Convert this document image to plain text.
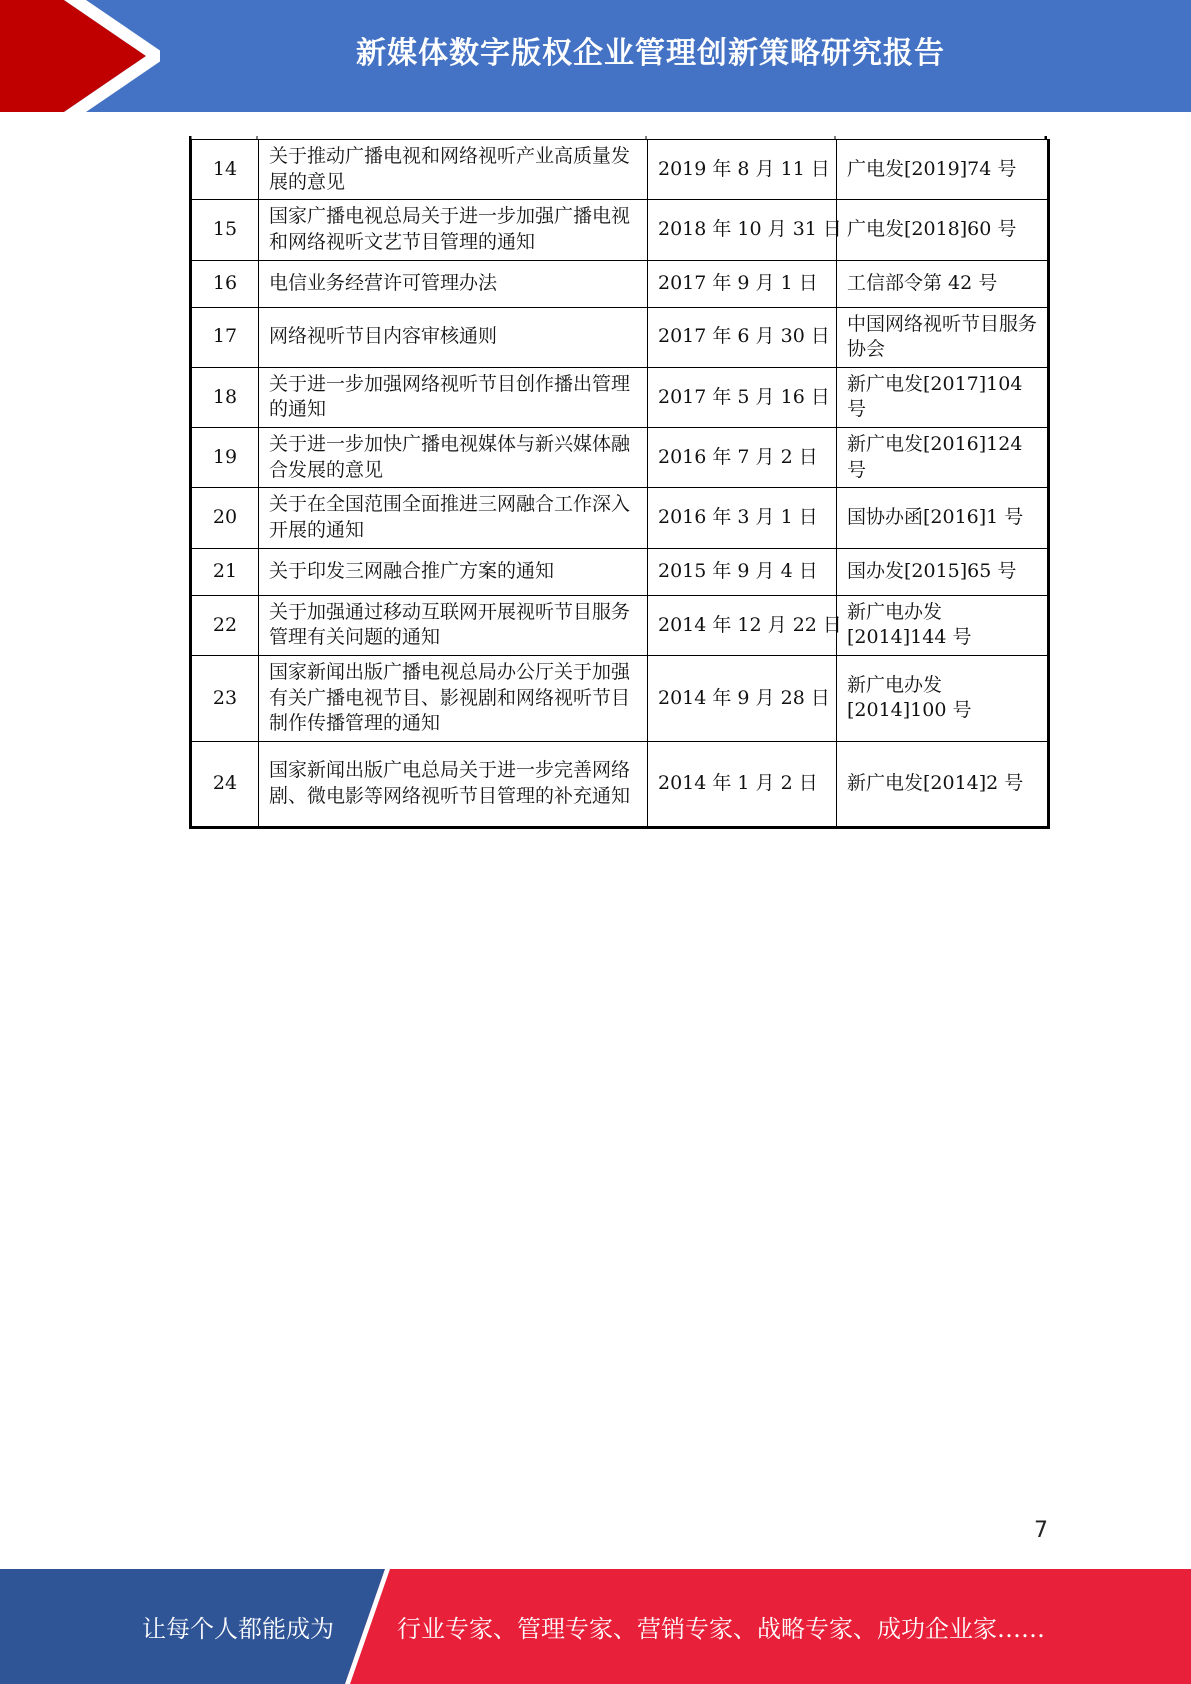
新媒体数字版权企业管理创新策略研究报告
14	关于推动广播电视和网络视听产业高质量发展的意见	2019 年 8 月 11 日	广电发[2019]74 号
15	国家广播电视总局关于进一步加强广播电视和网络视听文艺节目管理的通知	2018 年 10 月 31 日	广电发[2018]60 号
16	电信业务经营许可管理办法	2017 年 9 月 1 日	工信部令第 42 号
17	网络视听节目内容审核通则	2017 年 6 月 30 日	中国网络视听节目服务协会
18	关于进一步加强网络视听节目创作播出管理的通知	2017 年 5 月 16 日	新广电发[2017]104 号
19	关于进一步加快广播电视媒体与新兴媒体融合发展的意见	2016 年 7 月 2 日	新广电发[2016]124 号
20	关于在全国范围全面推进三网融合工作深入开展的通知	2016 年 3 月 1 日	国协办函[2016]1 号
21	关于印发三网融合推广方案的通知	2015 年 9 月 4 日	国办发[2015]65 号
22	关于加强通过移动互联网开展视听节目服务管理有关问题的通知	2014 年 12 月 22 日	新广电办发[2014]144 号
23	国家新闻出版广播电视总局办公厅关于加强有关广播电视节目、影视剧和网络视听节目制作传播管理的通知	2014 年 9 月 28 日	新广电办发[2014]100 号
24	国家新闻出版广电总局关于进一步完善网络剧、微电影等网络视听节目管理的补充通知	2014 年 1 月 2 日	新广电发[2014]2 号
7
让每个人都能成为	行业专家、管理专家、营销专家、战略专家、成功企业家……
